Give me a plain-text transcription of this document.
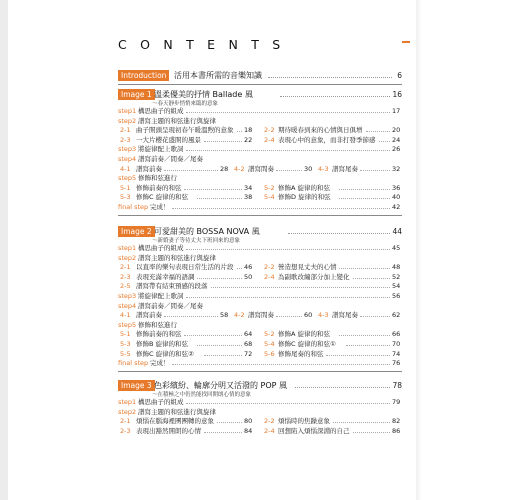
CONTENTS
Introduction 活用本書所需的音樂知識	6
Image 1 溫柔優美的抒情 Ballade 風	16
〜春天靜步悄悄來臨的意象
step1 構思曲子的組成	17
step2 譜寫主題的和弦進行與旋律
2-1 曲子開頭呈現初春午暖溫煦的意象 18 2-2 期待暖春到來的心情與日俱增	20
2-3 一大片櫻花盛開的風景	22 2-4 表現心中的意象，而非打發季節感	24
step3 將旋律配上歌詞	26
step4 譜寫前奏／間奏／尾奏
4-1 譜寫前奏	28 4-2 譜寫間奏	30 4-3 譜寫尾奏	32
step5 修飾和弦進行
5-1 修飾前奏的和弦	34 5-2 修飾A 旋律的和弦	36
5-3 修飾C 旋律的和弦	38 5-4 修飾D 旋律的和弦	40
final step 完成！	42
Image 2 可愛甜美的 BOSSA NOVA 風	44
〜新婚妻子等待丈夫下班回來的意象
step1 構思曲子的組成	45
step2 譜寫主題的和弦進行與旋律
2-1 以直率的樂句表現日常生活的片段 46 2-2 營造想見丈夫的心情	48
2-3 表現充滿幸福的語調	50 2-4 為副歌改編部分加上變化	52
2-5 譜寫帶有結束預感的段落	54
step3 將旋律配上歌詞	56
step4 譜寫前奏／間奏／尾奏
4-1 譜寫前奏	58 4-2 譜寫間奏	60 4-3 譜寫尾奏	62
step5 修飾和弦進行
5-1 修飾前奏的和弦	64 5-2 修飾A 旋律的和弦	66
5-3 修飾B 旋律的和弦	68 5-4 修飾C 旋律的和弦①	70
5-5 修飾C 旋律的和弦②	72 5-6 修飾尾奏的和弦	74
final step 完成！	76
Image 3 色彩繽紛、輪廓分明又活潑的 POP 風	78
〜在積極之中仍然能找回開朗心情的意象
step1 構思曲子的組成	79
step2 譜寫主題的和弦進行與旋律
2-1 煩惱在腦海裡團團轉的意象	80 2-2 煩惱時的焦躁意象	82
2-3 表現出豁然開朗的心情	84 2-4 回想陷入煩惱深淵的自己	86
